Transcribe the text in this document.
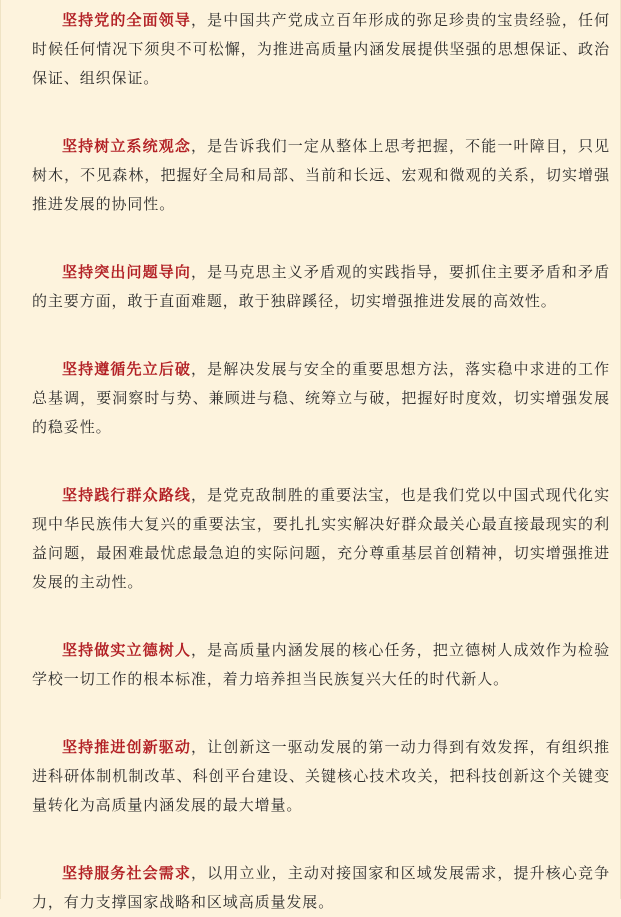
坚持党的全面领导，是中国共产党成立百年形成的弥足珍贵的宝贵经验，任何时候任何情况下须臾不可松懈，为推进高质量内涵发展提供坚强的思想保证、政治保证、组织保证。

坚持树立系统观念，是告诉我们一定从整体上思考把握，不能一叶障目，只见树木，不见森林，把握好全局和局部、当前和长远、宏观和微观的关系，切实增强推进发展的协同性。

坚持突出问题导向，是马克思主义矛盾观的实践指导，要抓住主要矛盾和矛盾的主要方面，敢于直面难题，敢于独辟蹊径，切实增强推进发展的高效性。

坚持遵循先立后破，是解决发展与安全的重要思想方法，落实稳中求进的工作总基调，要洞察时与势、兼顾进与稳、统筹立与破，把握好时度效，切实增强发展的稳妥性。

坚持践行群众路线，是党克敌制胜的重要法宝，也是我们党以中国式现代化实现中华民族伟大复兴的重要法宝，要扎扎实实解决好群众最关心最直接最现实的利益问题，最困难最忧虑最急迫的实际问题，充分尊重基层首创精神，切实增强推进发展的主动性。

坚持做实立德树人，是高质量内涵发展的核心任务，把立德树人成效作为检验学校一切工作的根本标准，着力培养担当民族复兴大任的时代新人。

坚持推进创新驱动，让创新这一驱动发展的第一动力得到有效发挥，有组织推进科研体制机制改革、科创平台建设、关键核心技术攻关，把科技创新这个关键变量转化为高质量内涵发展的最大增量。

坚持服务社会需求，以用立业，主动对接国家和区域发展需求，提升核心竞争力，有力支撑国家战略和区域高质量发展。
